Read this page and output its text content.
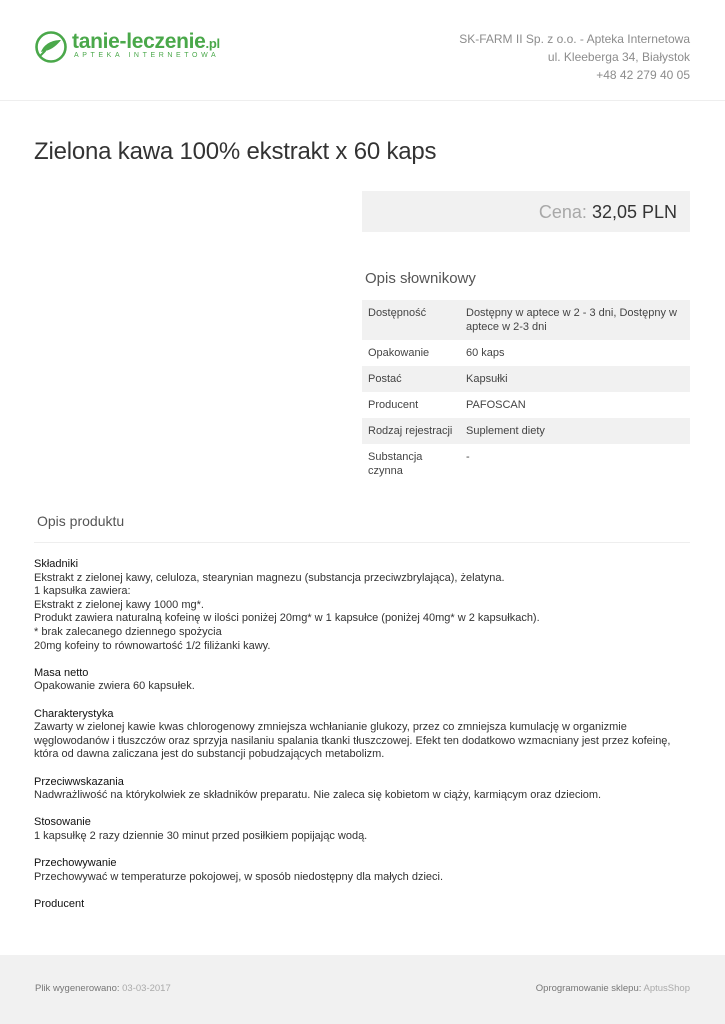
tanie-leczenie.pl
APTEKA INTERNETOWA
SK-FARM II Sp. z o.o. - Apteka Internetowa
ul. Kleeberga 34, Białystok
+48 42 279 40 05
Zielona kawa 100% ekstrakt x 60 kaps
Cena: 32,05 PLN
Opis słownikowy
Dostępność	Dostępny w aptece w 2 - 3 dni, Dostępny w aptece w 2-3 dni
Opakowanie	60 kaps
Postać	Kapsułki
Producent	PAFOSCAN
Rodzaj rejestracji	Suplement diety
Substancja czynna	-
Opis produktu
Składniki
Ekstrakt z zielonej kawy, celuloza, stearynian magnezu (substancja przeciwzbrylająca), żelatyna.
1 kapsułka zawiera:
Ekstrakt z zielonej kawy 1000 mg*.
Produkt zawiera naturalną kofeinę w ilości poniżej 20mg* w 1 kapsułce (poniżej 40mg* w 2 kapsułkach).
* brak zalecanego dziennego spożycia
20mg kofeiny to równowartość 1/2 filiżanki kawy.
Masa netto
Opakowanie zwiera 60 kapsułek.
Charakterystyka
Zawarty w zielonej kawie kwas chlorogenowy zmniejsza wchłanianie glukozy, przez co zmniejsza kumulację w organizmie
węglowodanów i tłuszczów oraz sprzyja nasilaniu spalania tkanki tłuszczowej. Efekt ten dodatkowo wzmacniany jest przez kofeinę,
która od dawna zaliczana jest do substancji pobudzających metabolizm.
Przeciwwskazania
Nadwrażliwość na którykolwiek ze składników preparatu. Nie zaleca się kobietom w ciąży, karmiącym oraz dzieciom.
Stosowanie
1 kapsułkę 2 razy dziennie 30 minut przed posiłkiem popijając wodą.
Przechowywanie
Przechowywać w temperaturze pokojowej, w sposób niedostępny dla małych dzieci.
Producent
Plik wygenerowano: 03-03-2017	Oprogramowanie sklepu: AptusShop
